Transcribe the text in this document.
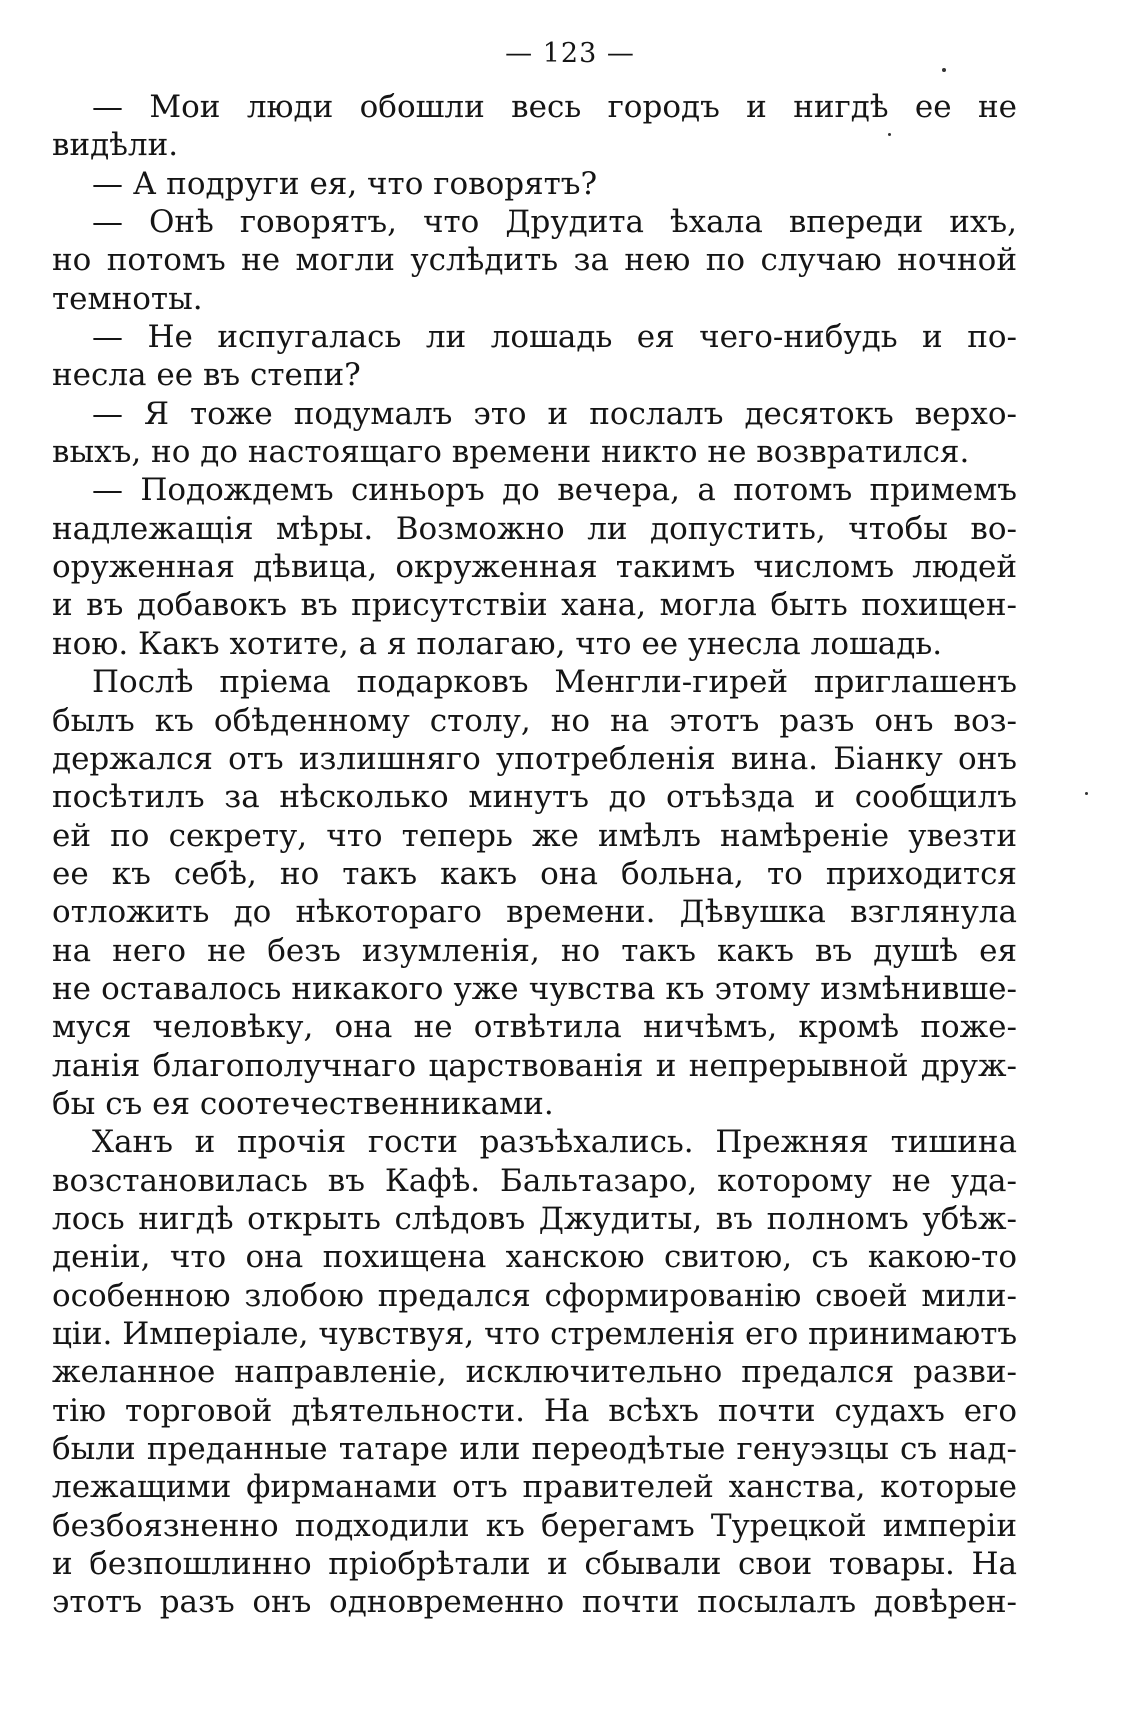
— 123 —
— Мои люди обошли весь городъ и нигдѣ ее не
видѣли.
— А подруги ея, что говорятъ?
— Онѣ говорятъ, что Друдита ѣхала впереди ихъ,
но потомъ не могли услѣдить за нею по случаю ночной
темноты.
— Не испугалась ли лошадь ея чего-нибудь и по-
несла ее въ степи?
— Я тоже подумалъ это и послалъ десятокъ верхо-
выхъ, но до настоящаго времени никто не возвратился.
— Подождемъ синьоръ до вечера, а потомъ примемъ
надлежащія мѣры. Возможно ли допустить, чтобы во-
оруженная дѣвица, окруженная такимъ числомъ людей
и въ добавокъ въ присутствіи хана, могла быть похищен-
ною. Какъ хотите, а я полагаю, что ее унесла лошадь.
Послѣ пріема подарковъ Менгли-гирей приглашенъ
былъ къ обѣденному столу, но на этотъ разъ онъ воз-
держался отъ излишняго употребленія вина. Біанку онъ
посѣтилъ за нѣсколько минутъ до отъѣзда и сообщилъ
ей по секрету, что теперь же имѣлъ намѣреніе увезти
ее къ себѣ, но такъ какъ она больна, то приходится
отложить до нѣкотораго времени. Дѣвушка взглянула
на него не безъ изумленія, но такъ какъ въ душѣ ея
не оставалось никакого уже чувства къ этому измѣнивше-
муся человѣку, она не отвѣтила ничѣмъ, кромѣ поже-
ланія благополучнаго царствованія и непрерывной друж-
бы съ ея соотечественниками.
Ханъ и прочія гости разъѣхались. Прежняя тишина
возстановилась въ Кафѣ. Бальтазаро, которому не уда-
лось нигдѣ открыть слѣдовъ Джудиты, въ полномъ убѣж-
деніи, что она похищена ханскою свитою, съ какою-то
особенною злобою предался сформированію своей мили-
ціи. Имперіале, чувствуя, что стремленія его принимаютъ
желанное направленіе, исключительно предался разви-
тію торговой дѣятельности. На всѣхъ почти судахъ его
были преданные татаре или переодѣтые генуэзцы съ над-
лежащими фирманами отъ правителей ханства, которые
безбоязненно подходили къ берегамъ Турецкой имперіи
и безпошлинно пріобрѣтали и сбывали свои товары. На
этотъ разъ онъ одновременно почти посылалъ довѣрен-
